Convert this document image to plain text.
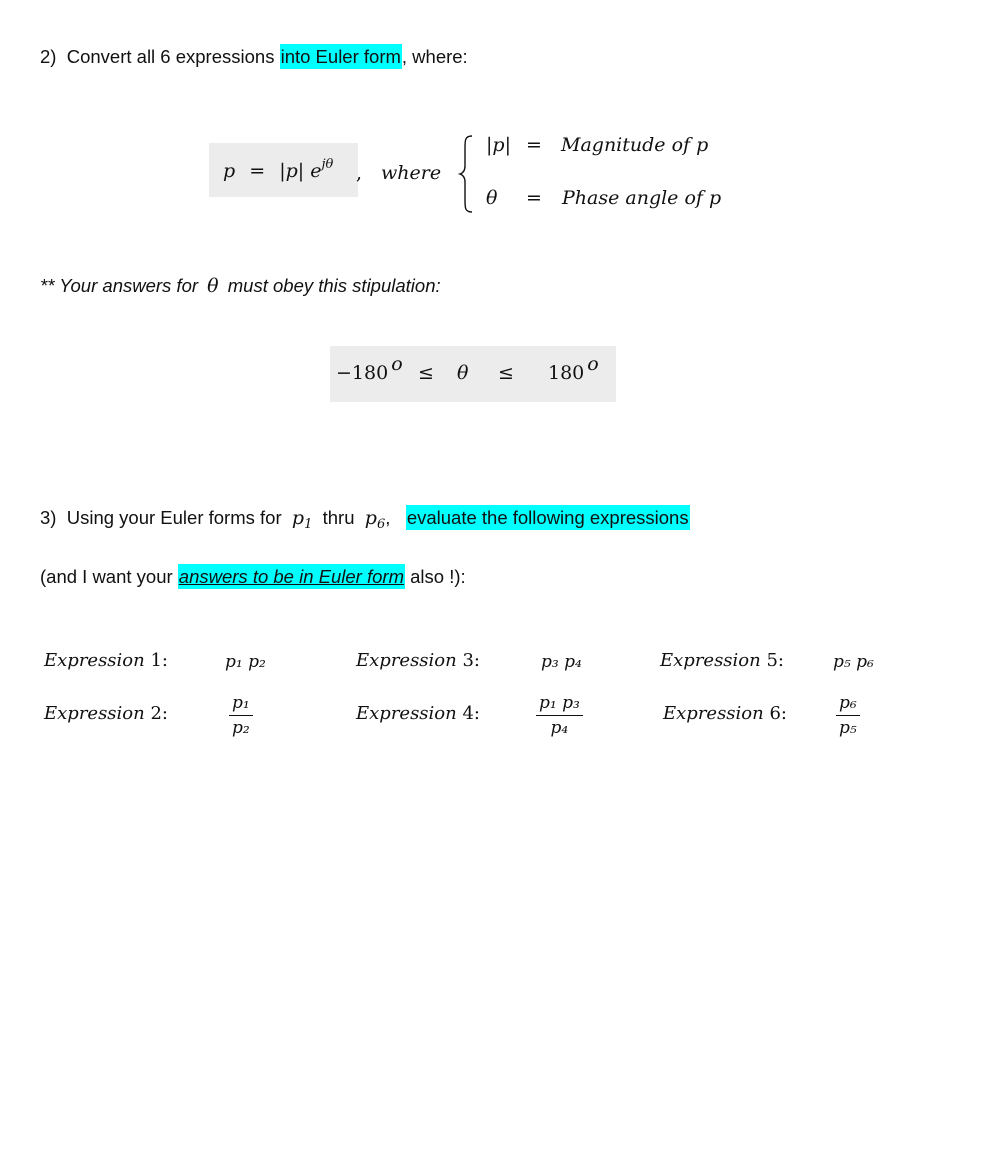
2) Convert all 6 expressions into Euler form, where:
p = |p| $e^{j\theta}$ , where
|p| = Magnitude of p
θ = Phase angle of p
** Your answers for θ must obey this stipulation:
−180 $^o$ ≤ θ ≤ 180 $^o$
3) Using your Euler forms for $p_1$ thru $p_6$, evaluate the following expressions
(and I want your answers to be in Euler form also !):
Expression 1:	p₁ p₂
Expression 2:	p₁
p₂
Expression 3:	p₃ p₄
Expression 4:	p₁ p₃
p₄
Expression 5:	p₅ p₆
Expression 6:	p₆
p₅
